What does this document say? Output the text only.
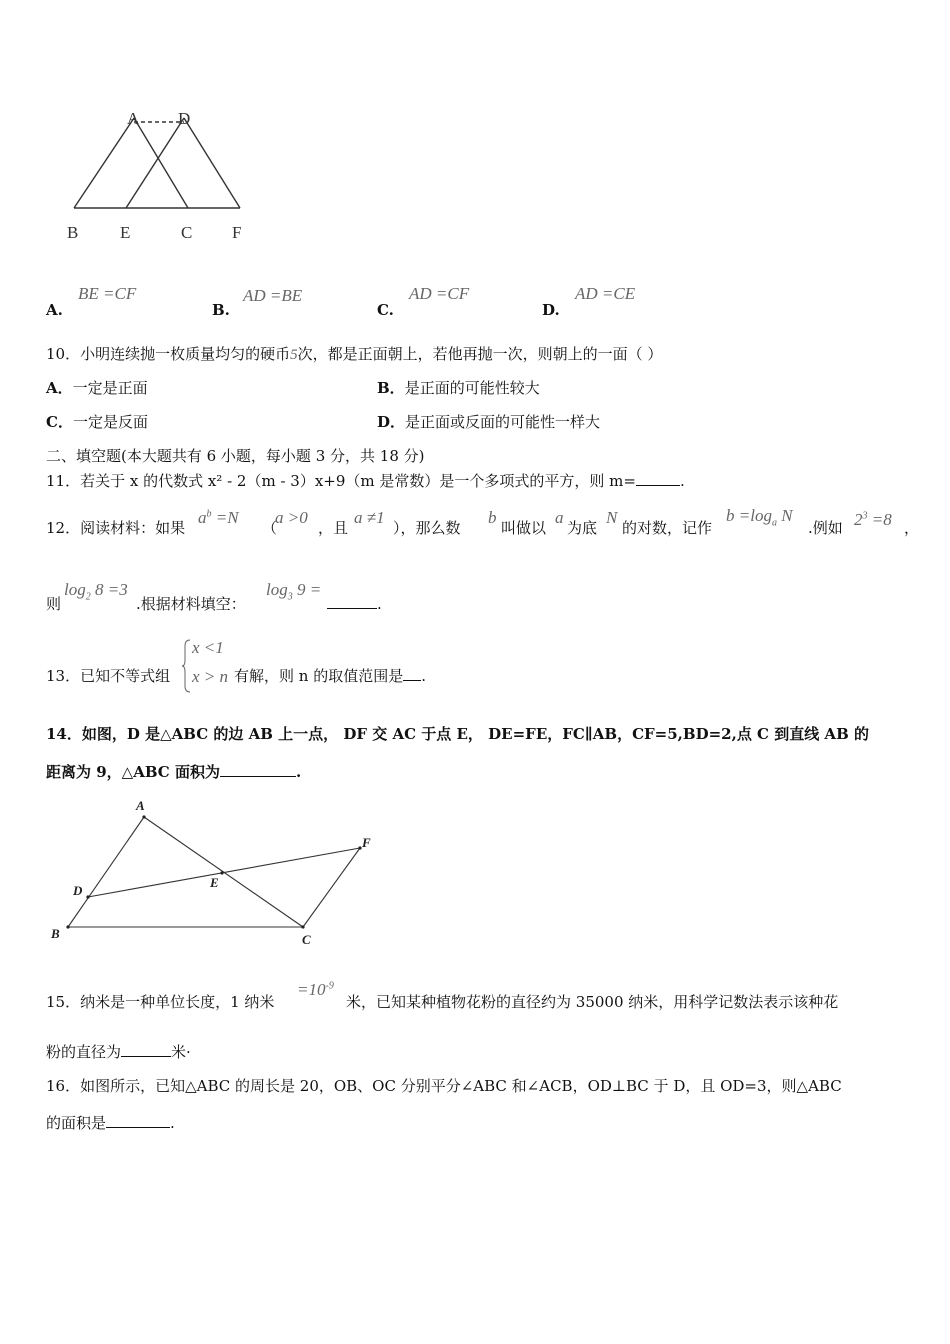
A D
B E	C F
A.
BE =CF
B.
AD =BE
C.
AD =CF
D.
AD =CE
10．小明连续抛一枚质量均匀的硬币5次，都是正面朝上，若他再抛一次，则朝上的一面（ ）
A．一定是正面	B．是正面的可能性较大
C．一定是反面	D．是正面或反面的可能性一样大
二、填空题(本大题共有 6 小题，每小题 3 分，共 18 分)
11．若关于 x 的代数式 x² - 2（m - 3）x+9（m 是常数）是一个多项式的平方，则 m=	.
12．阅读材料：如果
$a^b =N$
（
a >0
，且
a ≠1
），那么数
b
叫做以
a
为底
N
的对数，记作
$b =\log_a$ N
.例如 $2^3 =8$ ，
则
$\log_2 8 =3$
.根据材料填空：
$\log_3 9$ =
.
13．已知不等式组
x <1
x > n 有解，则 n 的取值范围是 .
14．如图，D 是△ABC 的边 AB 上一点， DF 交 AC 于点 E， DE=FE，FC∥AB，CF=5,BD=2,点 C 到直线 AB 的
距离为 9，△ABC 面积为	.
A
D
E
F
B	C
15．纳米是一种单位长度，1 纳米
$=10^{-9}$
米，已知某种植物花粉的直径约为 35000 纳米，用科学记数法表示该种花
粉的直径为	米·
16．如图所示，已知△ABC 的周长是 20，OB、OC 分别平分∠ABC 和∠ACB，OD⊥BC 于 D，且 OD=3，则△ABC
的面积是	.
